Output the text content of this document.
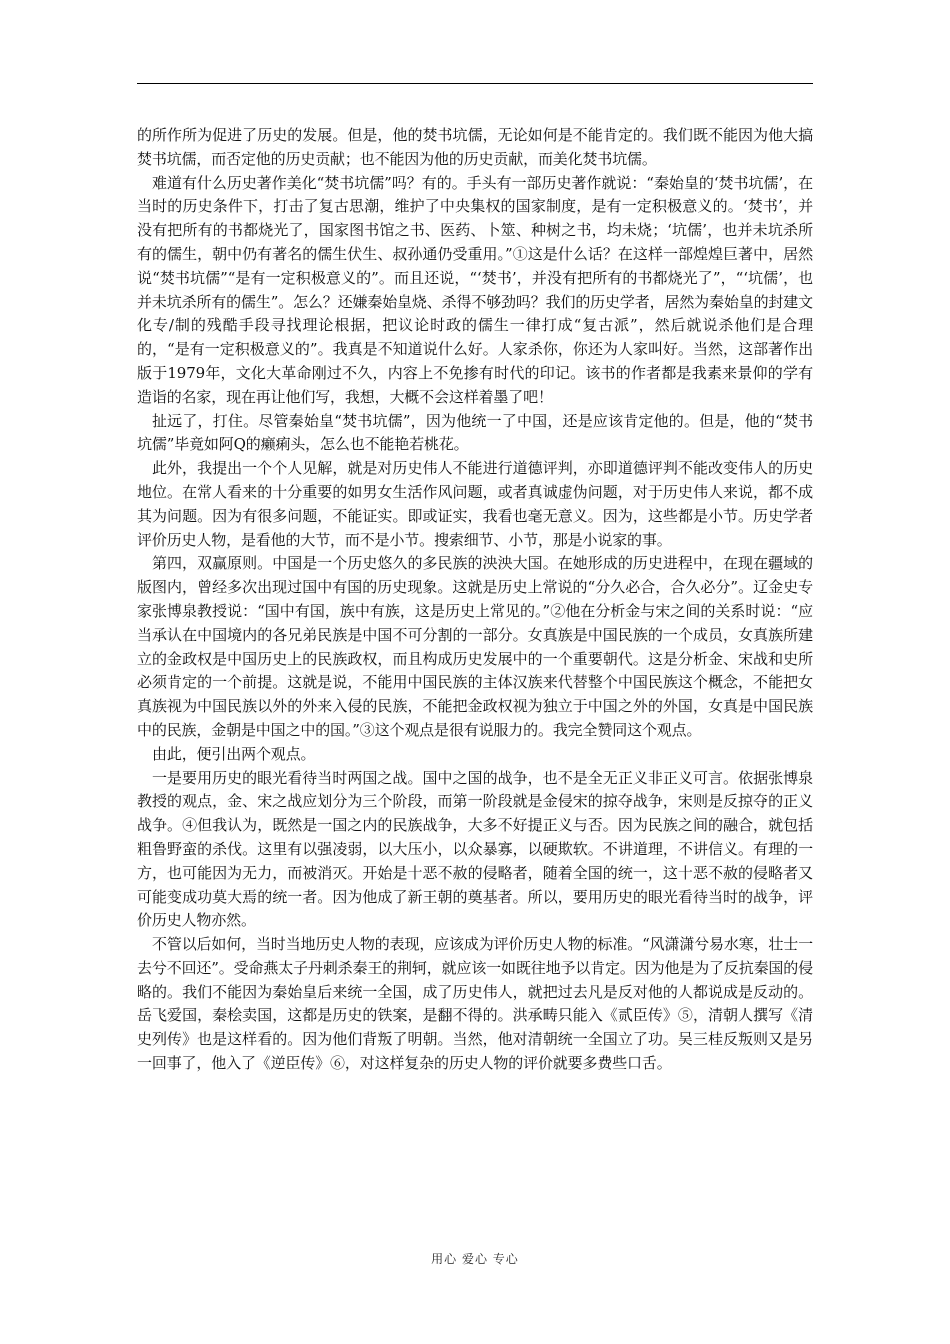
的所作所为促进了历史的发展。但是，他的焚书坑儒，无论如何是不能肯定的。我们既不能因为他大搞焚书坑儒，而否定他的历史贡献；也不能因为他的历史贡献，而美化焚书坑儒。

难道有什么历史著作美化“焚书坑儒”吗？有的。手头有一部历史著作就说：“秦始皇的‘焚书坑儒’，在当时的历史条件下，打击了复古思潮，维护了中央集权的国家制度，是有一定积极意义的。‘焚书’，并没有把所有的书都烧光了，国家图书馆之书、医药、卜筮、种树之书，均未烧；‘坑儒’，也并未坑杀所有的儒生，朝中仍有著名的儒生伏生、叔孙通仍受重用。”①这是什么话？在这样一部煌煌巨著中，居然说“焚书坑儒”“是有一定积极意义的”。而且还说，“‘焚书’，并没有把所有的书都烧光了”，“‘坑儒’，也并未坑杀所有的儒生”。怎么？还嫌秦始皇烧、杀得不够劲吗？我们的历史学者，居然为秦始皇的封建文化专/制的残酷手段寻找理论根据，把议论时政的儒生一律打成“复古派”，然后就说杀他们是合理的，“是有一定积极意义的”。我真是不知道说什么好。人家杀你，你还为人家叫好。当然，这部著作出版于1979年，文化大革命刚过不久，内容上不免掺有时代的印记。该书的作者都是我素来景仰的学有造诣的名家，现在再让他们写，我想，大概不会这样着墨了吧！

扯远了，打住。尽管秦始皇“焚书坑儒”，因为他统一了中国，还是应该肯定他的。但是，他的“焚书坑儒”毕竟如阿Q的癞痢头，怎么也不能艳若桃花。

此外，我提出一个个人见解，就是对历史伟人不能进行道德评判，亦即道德评判不能改变伟人的历史地位。在常人看来的十分重要的如男女生活作风问题，或者真诚虚伪问题，对于历史伟人来说，都不成其为问题。因为有很多问题，不能证实。即或证实，我看也毫无意义。因为，这些都是小节。历史学者评价历史人物，是看他的大节，而不是小节。搜索细节、小节，那是小说家的事。

第四，双赢原则。中国是一个历史悠久的多民族的泱泱大国。在她形成的历史进程中，在现在疆域的版图内，曾经多次出现过国中有国的历史现象。这就是历史上常说的“分久必合，合久必分”。辽金史专家张博泉教授说：“国中有国，族中有族，这是历史上常见的。”②他在分析金与宋之间的关系时说：“应当承认在中国境内的各兄弟民族是中国不可分割的一部分。女真族是中国民族的一个成员，女真族所建立的金政权是中国历史上的民族政权，而且构成历史发展中的一个重要朝代。这是分析金、宋战和史所必须肯定的一个前提。这就是说，不能用中国民族的主体汉族来代替整个中国民族这个概念，不能把女真族视为中国民族以外的外来入侵的民族，不能把金政权视为独立于中国之外的外国，女真是中国民族中的民族，金朝是中国之中的国。”③这个观点是很有说服力的。我完全赞同这个观点。

由此，便引出两个观点。

一是要用历史的眼光看待当时两国之战。国中之国的战争，也不是全无正义非正义可言。依据张博泉教授的观点，金、宋之战应划分为三个阶段，而第一阶段就是金侵宋的掠夺战争，宋则是反掠夺的正义战争。④但我认为，既然是一国之内的民族战争，大多不好提正义与否。因为民族之间的融合，就包括粗鲁野蛮的杀伐。这里有以强凌弱，以大压小，以众暴寡，以硬欺软。不讲道理，不讲信义。有理的一方，也可能因为无力，而被消灭。开始是十恶不赦的侵略者，随着全国的统一，这十恶不赦的侵略者又可能变成功莫大焉的统一者。因为他成了新王朝的奠基者。所以，要用历史的眼光看待当时的战争，评价历史人物亦然。

不管以后如何，当时当地历史人物的表现，应该成为评价历史人物的标准。“风潇潇兮易水寒，壮士一去兮不回还”。受命燕太子丹刺杀秦王的荆轲，就应该一如既往地予以肯定。因为他是为了反抗秦国的侵略的。我们不能因为秦始皇后来统一全国，成了历史伟人，就把过去凡是反对他的人都说成是反动的。岳飞爱国，秦桧卖国，这都是历史的铁案，是翻不得的。洪承畴只能入《贰臣传》⑤，清朝人撰写《清史列传》也是这样看的。因为他们背叛了明朝。当然，他对清朝统一全国立了功。吴三桂反叛则又是另一回事了，他入了《逆臣传》⑥，对这样复杂的历史人物的评价就要多费些口舌。

用心 爱心 专心
